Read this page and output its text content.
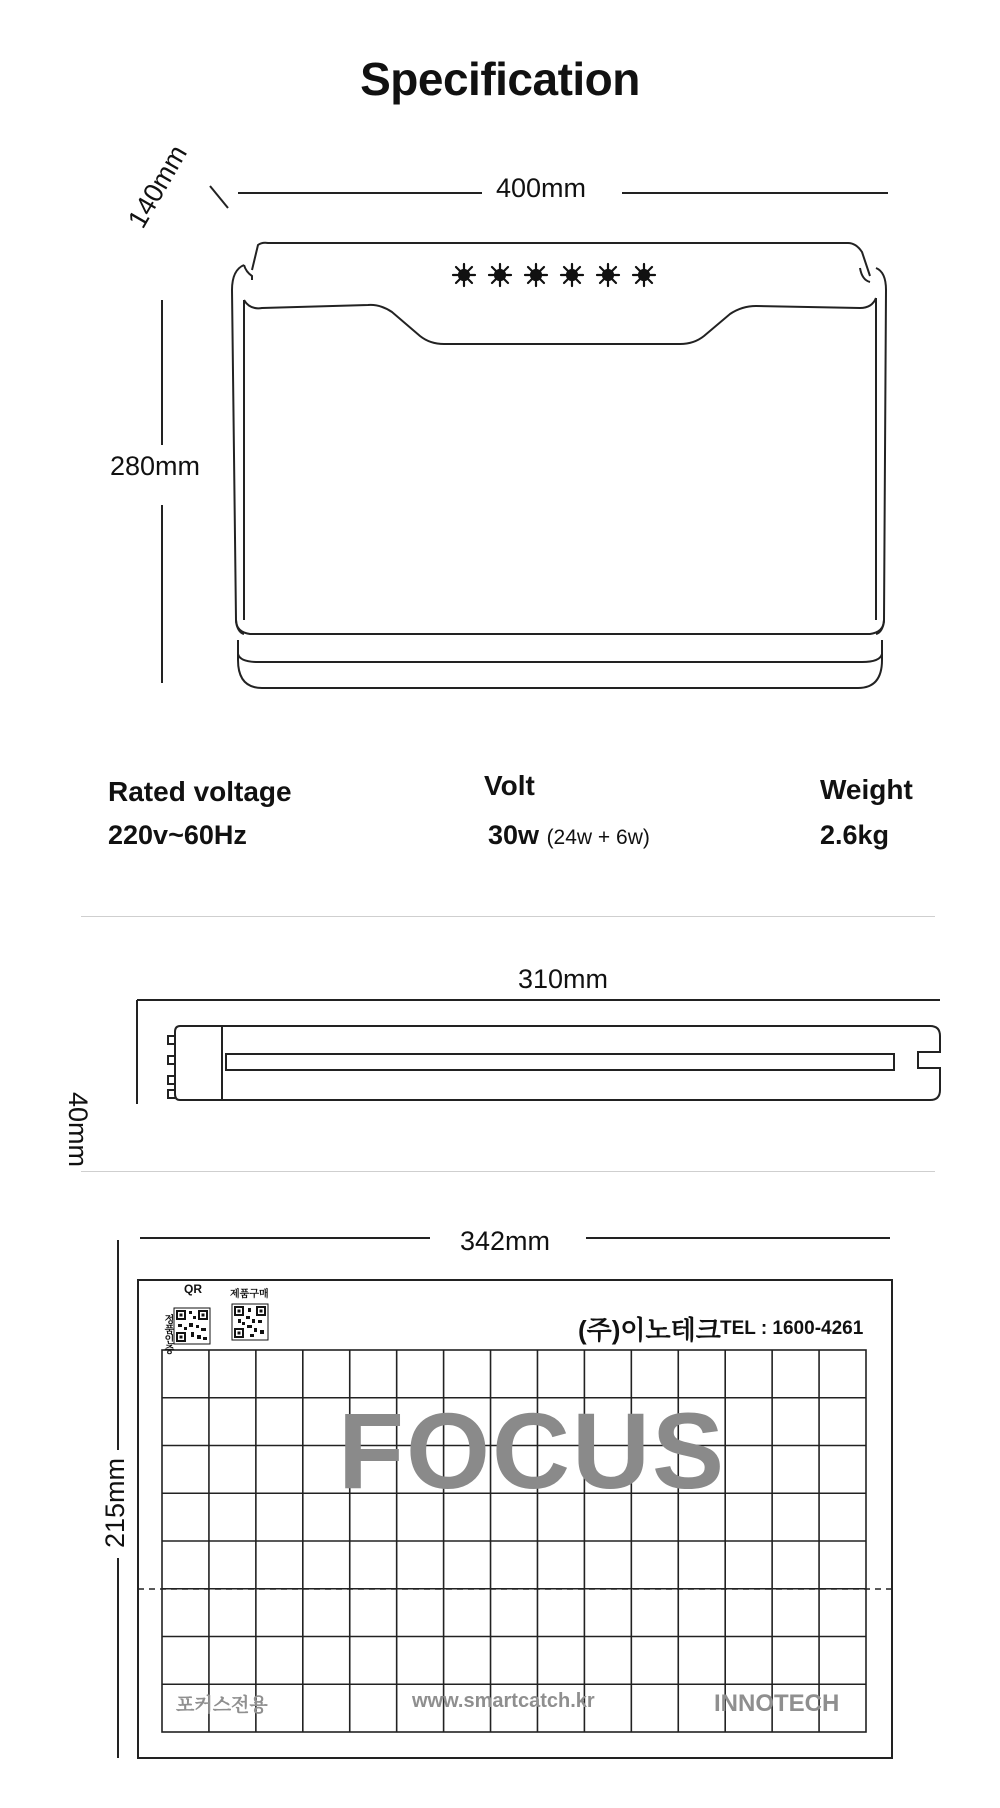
Specification
400mm
140mm
280mm
Rated voltage
220v~60Hz
Volt
30w (24w + 6w)
Weight
2.6kg
310mm
40mm
342mm
215mm
QR	제품구매
정품인증	(주)이노테크 TEL : 1600-4261
FOCUS
포커스전용	www.smartcatch.kr	INNOTECH
